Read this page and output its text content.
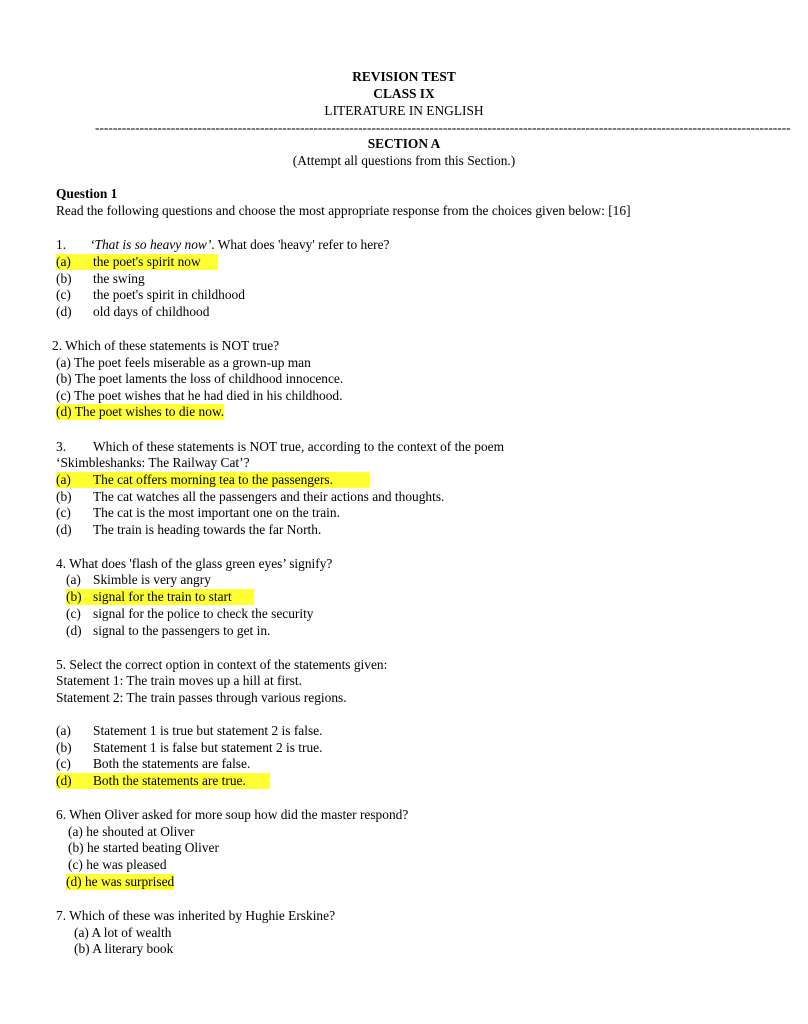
REVISION TEST
CLASS IX
LITERATURE IN ENGLISH
------------------------------------------------------------------------------------------------------------------------------------------------------------
SECTION A
(Attempt all questions from this Section.)
Question 1
Read the following questions and choose the most appropriate response from the choices given below: [16]
1. ‘That is so heavy now’. What does 'heavy' refer to here?
(a) the poet's spirit now
(b) the swing
(c) the poet's spirit in childhood
(d) old days of childhood
2. Which of these statements is NOT true?
(a) The poet feels miserable as a grown-up man
(b) The poet laments the loss of childhood innocence.
(c) The poet wishes that he had died in his childhood.
(d) The poet wishes to die now.
3. Which of these statements is NOT true, according to the context of the poem
‘Skimbleshanks: The Railway Cat’?
(a) The cat offers morning tea to the passengers.
(b) The cat watches all the passengers and their actions and thoughts.
(c) The cat is the most important one on the train.
(d) The train is heading towards the far North.
4. What does 'flash of the glass green eyes’ signify?
(a) Skimble is very angry
(b) signal for the train to start
(c) signal for the police to check the security
(d) signal to the passengers to get in.
5. Select the correct option in context of the statements given:
Statement 1: The train moves up a hill at first.
Statement 2: The train passes through various regions.
(a) Statement 1 is true but statement 2 is false.
(b) Statement 1 is false but statement 2 is true.
(c) Both the statements are false.
(d) Both the statements are true.
6. When Oliver asked for more soup how did the master respond?
(a) he shouted at Oliver
(b) he started beating Oliver
(c) he was pleased
(d) he was surprised
7. Which of these was inherited by Hughie Erskine?
(a) A lot of wealth
(b) A literary book
